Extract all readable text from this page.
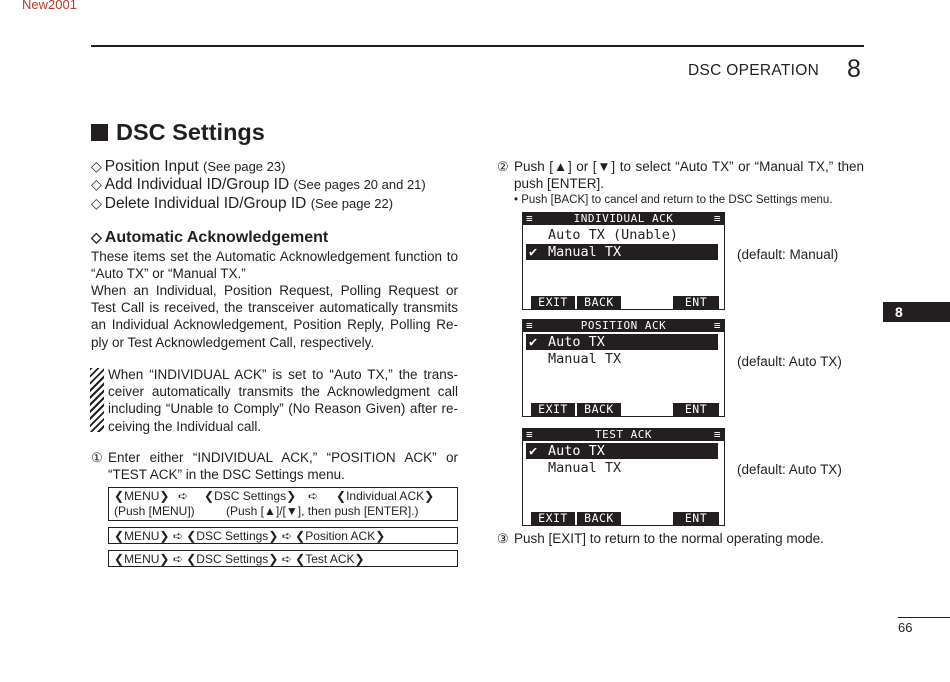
New2001
DSC OPERATION 8
DSC Settings
◇ Position Input (See page 23)
◇ Add Individual ID/Group ID (See pages 20 and 21)
◇ Delete Individual ID/Group ID (See page 22)
◇ Automatic Acknowledgement
These items set the Automatic Acknowledgement function to “Auto TX” or “Manual TX.”
When an Individual, Position Request, Polling Request or Test Call is received, the transceiver automatically transmits an Individual Acknowledgement, Position Reply, Polling Re-ply or Test Acknowledgement Call, respectively.
When “INDIVIDUAL ACK” is set to “Auto TX,” the trans-ceiver automatically transmits the Acknowledgment call including “Unable to Comply” (No Reason Given) after re-ceiving the Individual call.
① Enter either “INDIVIDUAL ACK,” “POSITION ACK” or “TEST ACK” in the DSC Settings menu.
❮MENU❯ ➪ ❮DSC Settings❯ ➪ ❮Individual ACK❯
(Push [MENU])	(Push [▲]/[▼], then push [ENTER].)
❮MENU❯ ➪ ❮DSC Settings❯ ➪ ❮Position ACK❯
❮MENU❯ ➪ ❮DSC Settings❯ ➪ ❮Test ACK❯
② Push [▲] or [▼] to select “Auto TX” or “Manual TX,” then push [ENTER].
• Push [BACK] to cancel and return to the DSC Settings menu.
≡	INDIVIDUAL ACK	≡
Auto TX (Unable)
✔ Manual TX
EXIT	BACK	ENT
(default: Manual)
≡	POSITION ACK	≡
✔ Auto TX
Manual TX
EXIT	BACK	ENT
(default: Auto TX)
≡	TEST ACK	≡
✔ Auto TX
Manual TX
EXIT	BACK	ENT
(default: Auto TX)
③ Push [EXIT] to return to the normal operating mode.
8
66
